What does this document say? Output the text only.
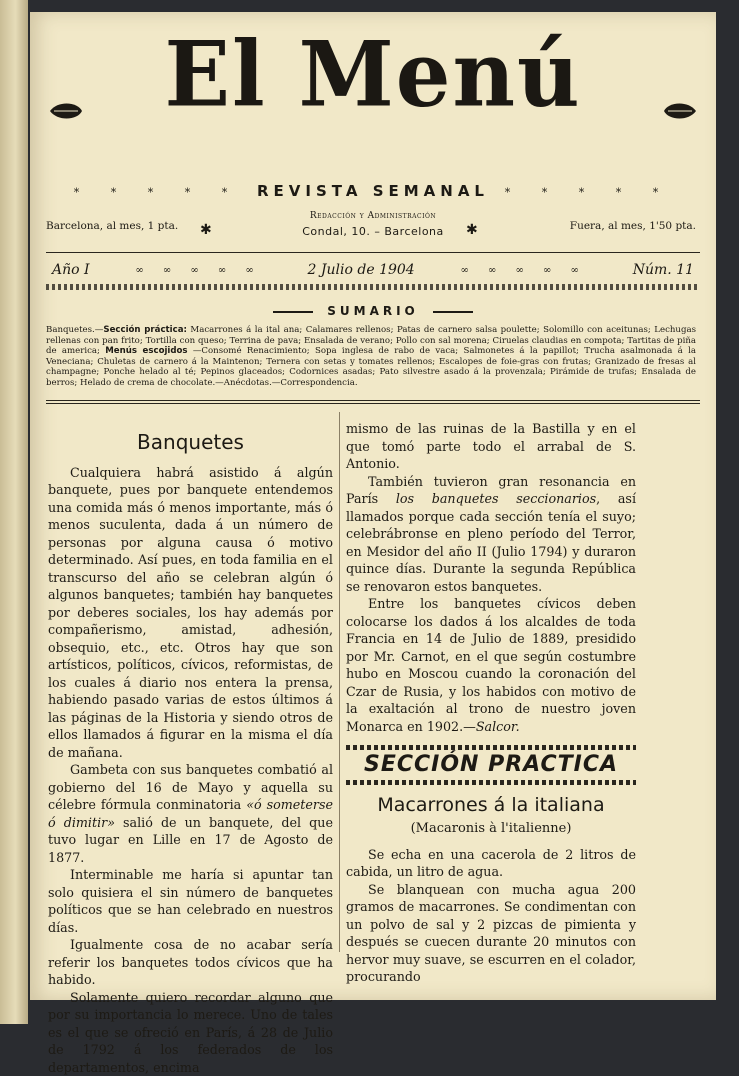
El Menú
* * * * * REVISTA SEMANAL * * * * *
Barcelona, al mes, 1 pta. ✱
Redacción y Administración
Condal, 10. – Barcelona	✱	Fuera, al mes, 1'50 pta.
Año I	∞ ∞ ∞ ∞ ∞	2 Julio de 1904	∞ ∞ ∞ ∞ ∞	Núm. 11
SUMARIO
Banquetes.—Sección práctica: Macarrones á la ital ana; Calamares rellenos; Patas de carnero salsa poulette; Solomillo con aceitunas; Lechugas rellenas con pan frito; Tortilla con queso; Terrina de pava; Ensalada de verano; Pollo con sal morena; Ciruelas claudias en compota; Tartitas de piña de america; Menús escojidos —Consomé Renacimiento; Sopa inglesa de rabo de vaca; Salmonetes á la papillot; Trucha asalmonada á la Veneciana; Chuletas de carnero á la Maintenon; Ternera con setas y tomates rellenos; Escalopes de foie-gras con frutas; Granizado de fresas al champagne; Ponche helado al té; Pepinos glaceados; Codornices asadas; Pato silvestre asado á la provenzala; Pirámide de trufas; Ensalada de berros; Helado de crema de chocolate.—Anécdotas.—Correspondencia.

Banquetes

Cualquiera habrá asistido á algún banquete, pues por banquete entendemos una comida más ó menos importante, más ó menos suculenta, dada á un número de personas por alguna causa ó motivo determinado. Así pues, en toda familia en el transcurso del año se celebran algún ó algunos banquetes; también hay banquetes por deberes sociales, los hay además por compañerismo, amistad, adhesión, obsequio, etc., etc. Otros hay que son artísticos, políticos, cívicos, reformistas, de los cuales á diario nos entera la prensa, habiendo pasado varias de estos últimos á las páginas de la Historia y siendo otros de ellos llamados á figurar en la misma el día de mañana.

Gambeta con sus banquetes combatió al gobierno del 16 de Mayo y aquella su célebre fórmula conminatoria «ó someterse ó dimitir» salió de un banquete, del que tuvo lugar en Lille en 17 de Agosto de 1877.

Interminable me haría si apuntar tan solo quisiera el sin número de banquetes políticos que se han celebrado en nuestros días.

Igualmente cosa de no acabar sería referir los banquetes todos cívicos que ha habido.

Solamente quiero recordar alguno que por su importancia lo merece. Uno de tales es el que se ofreció en París, á 28 de Julio de 1792 á los federados de los departamentos, encima

mismo de las ruinas de la Bastilla y en el que tomó parte todo el arrabal de S. Antonio.

También tuvieron gran resonancia en París los banquetes seccionarios, así llamados porque cada sección tenía el suyo; celebrábronse en pleno período del Terror, en Mesidor del año II (Julio 1794) y duraron quince días. Durante la segunda República se renovaron estos banquetes.

Entre los banquetes cívicos deben colocarse los dados á los alcaldes de toda Francia en 14 de Julio de 1889, presidido por Mr. Carnot, en el que según costumbre hubo en Moscou cuando la coronación del Czar de Rusia, y los habidos con motivo de la exaltación al trono de nuestro joven Monarca en 1902.—Salcor.

SECCIÓN PRACTICA

Macarrones á la italiana

(Macaronis à l'italienne)

Se echa en una cacerola de 2 litros de cabida, un litro de agua.

Se blanquean con mucha agua 200 gramos de macarrones. Se condimentan con un polvo de sal y 2 pizcas de pimienta y después se cuecen durante 20 minutos con hervor muy suave, se escurren en el colador, procurando
